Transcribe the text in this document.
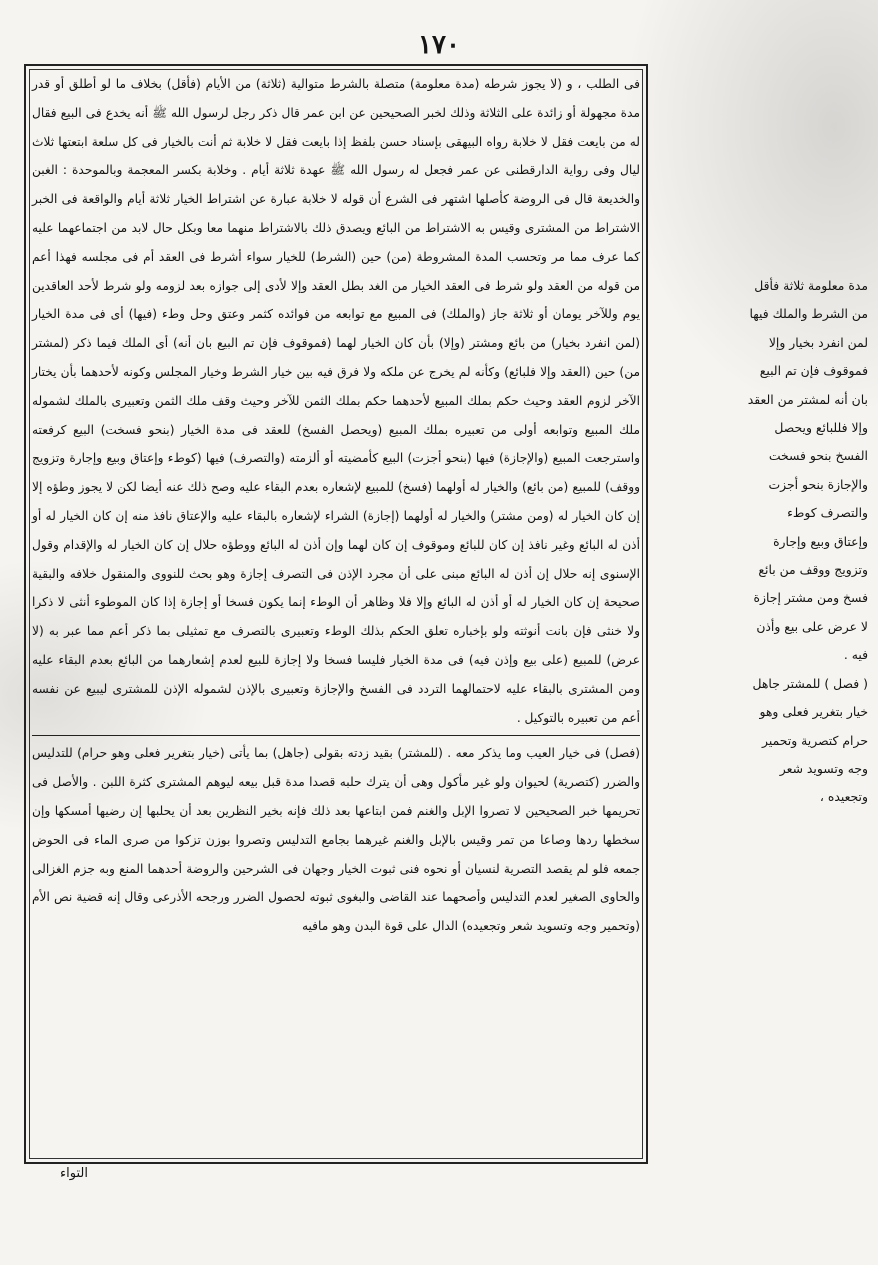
١٧٠

فى الطلب ، و (لا يجوز شرطه (مدة معلومة) متصلة بالشرط متوالية (ثلاثة) من الأيام (فأقل) بخلاف ما لو أطلق أو قدر مدة مجهولة أو زائدة على الثلاثة وذلك لخبر الصحيحين عن ابن عمر قال ذكر رجل لرسول الله ﷺ أنه يخدع فى البيع فقال له من بايعت فقل لا خلابة رواه البيهقى بإسناد حسن بلفظ إذا بايعت فقل لا خلابة ثم أنت بالخيار فى كل سلعة ابتعتها ثلاث ليال وفى رواية الدارقطنى عن عمر فجعل له رسول الله ﷺ عهدة ثلاثة أيام . وخلابة بكسر المعجمة وبالموحدة : الغبن والخديعة قال فى الروضة كأصلها اشتهر فى الشرع أن قوله لا خلابة عبارة عن اشتراط الخيار ثلاثة أيام والواقعة فى الخبر الاشتراط من المشترى وقيس به الاشتراط من البائع ويصدق ذلك بالاشتراط منهما معا وبكل حال لابد من اجتماعهما عليه كما عرف مما مر وتحسب المدة المشروطة (من) حين (الشرط) للخيار سواء أشرط فى العقد أم فى مجلسه فهذا أعم من قوله من العقد ولو شرط فى العقد الخيار من الغد بطل العقد وإلا لأدى إلى جوازه بعد لزومه ولو شرط لأحد العاقدين يوم وللآخر يومان أو ثلاثة جاز (والملك) فى المبيع مع توابعه من فوائده كثمر وعتق وحل وطء (فيها) أى فى مدة الخيار (لمن انفرد بخيار) من بائع ومشتر (وإلا) بأن كان الخيار لهما (فموقوف فإن تم البيع بان أنه) أى الملك فيما ذكر (لمشتر من) حين (العقد وإلا فلبائع) وكأنه لم يخرج عن ملكه ولا فرق فيه بين خيار الشرط وخيار المجلس وكونه لأحدهما بأن يختار الآخر لزوم العقد وحيث حكم بملك المبيع لأحدهما حكم بملك الثمن للآخر وحيث وقف ملك الثمن وتعبيرى بالملك لشموله ملك المبيع وتوابعه أولى من تعبيره بملك المبيع (ويحصل الفسخ) للعقد فى مدة الخيار (بنحو فسخت) البيع كرفعته واسترجعت المبيع (والإجازة) فيها (بنحو أجزت) البيع كأمضيته أو ألزمته (والتصرف) فيها (كوطء وإعتاق وبيع وإجارة وتزويج ووقف) للمبيع (من بائع) والخيار له أولهما (فسخ) للمبيع لإشعاره بعدم البقاء عليه وصح ذلك عنه أيضا لكن لا يجوز وطؤه إلا إن كان الخيار له (ومن مشتر) والخيار له أولهما (إجازة) الشراء لإشعاره بالبقاء عليه والإعتاق نافذ منه إن كان الخيار له أو أذن له البائع وغير نافذ إن كان للبائع وموقوف إن كان لهما وإن أذن له البائع ووطؤه حلال إن كان الخيار له والإقدام وقول الإسنوى إنه حلال إن أذن له البائع مبنى على أن مجرد الإذن فى التصرف إجازة وهو بحث للنووى والمنقول خلافه والبقية صحيحة إن كان الخيار له أو أذن له البائع وإلا فلا وظاهر أن الوطء إنما يكون فسخا أو إجازة إذا كان الموطوء أنثى لا ذكرا ولا خنثى فإن بانت أنوثته ولو بإخباره تعلق الحكم بذلك الوطء وتعبيرى بالتصرف مع تمثيلى بما ذكر أعم مما عبر به (لا عرض) للمبيع (على بيع وإذن فيه) فى مدة الخيار فليسا فسخا ولا إجازة للبيع لعدم إشعارهما من البائع بعدم البقاء عليه ومن المشترى بالبقاء عليه لاحتمالهما التردد فى الفسخ والإجازة وتعبيرى بالإذن لشموله الإذن للمشترى ليبيع عن نفسه أعم من تعبيره بالتوكيل .

(فصل) فى خيار العيب وما يذكر معه . (للمشتر) بقيد زدته بقولى (جاهل) بما يأتى (خيار بتغرير فعلى وهو حرام) للتدليس والضرر (كتصرية) لحيوان ولو غير مأكول وهى أن يترك حلبه قصدا مدة قبل بيعه ليوهم المشترى كثرة اللبن . والأصل فى تحريمها خبر الصحيحين لا تصروا الإبل والغنم فمن ابتاعها بعد ذلك فإنه بخير النظرين بعد أن يحلبها إن رضيها أمسكها وإن سخطها ردها وصاعا من تمر وقيس بالإبل والغنم غيرهما بجامع التدليس وتصروا بوزن تزكوا من صرى الماء فى الحوض جمعه فلو لم يقصد التصرية لنسيان أو نحوه فنى ثبوت الخيار وجهان فى الشرحين والروضة أحدهما المنع وبه جزم الغزالى والحاوى الصغير لعدم التدليس وأصحهما عند القاضى والبغوى ثبوته لحصول الضرر ورجحه الأذرعى وقال إنه قضية نص الأم (وتحمير وجه وتسويد شعر وتجعيده) الدال على قوة البدن وهو مافيه

مدة معلومة ثلاثة فأقل

من الشرط والملك فيها

لمن انفرد بخيار وإلا

فموقوف فإن تم البيع

بان أنه لمشتر من العقد

وإلا فللبائع ويحصل

الفسخ بنحو فسخت

والإجازة بنحو أجزت

والتصرف كوطء

وإعتاق وبيع وإجارة

وتزويج ووقف من بائع

فسخ ومن مشتر إجازة

لا عرض على بيع وأذن

فيه .

( فصل ) للمشتر جاهل

خيار بتغرير فعلى وهو

حرام كتصرية وتحمير

وجه وتسويد شعر

وتجعيده ،

التواء
